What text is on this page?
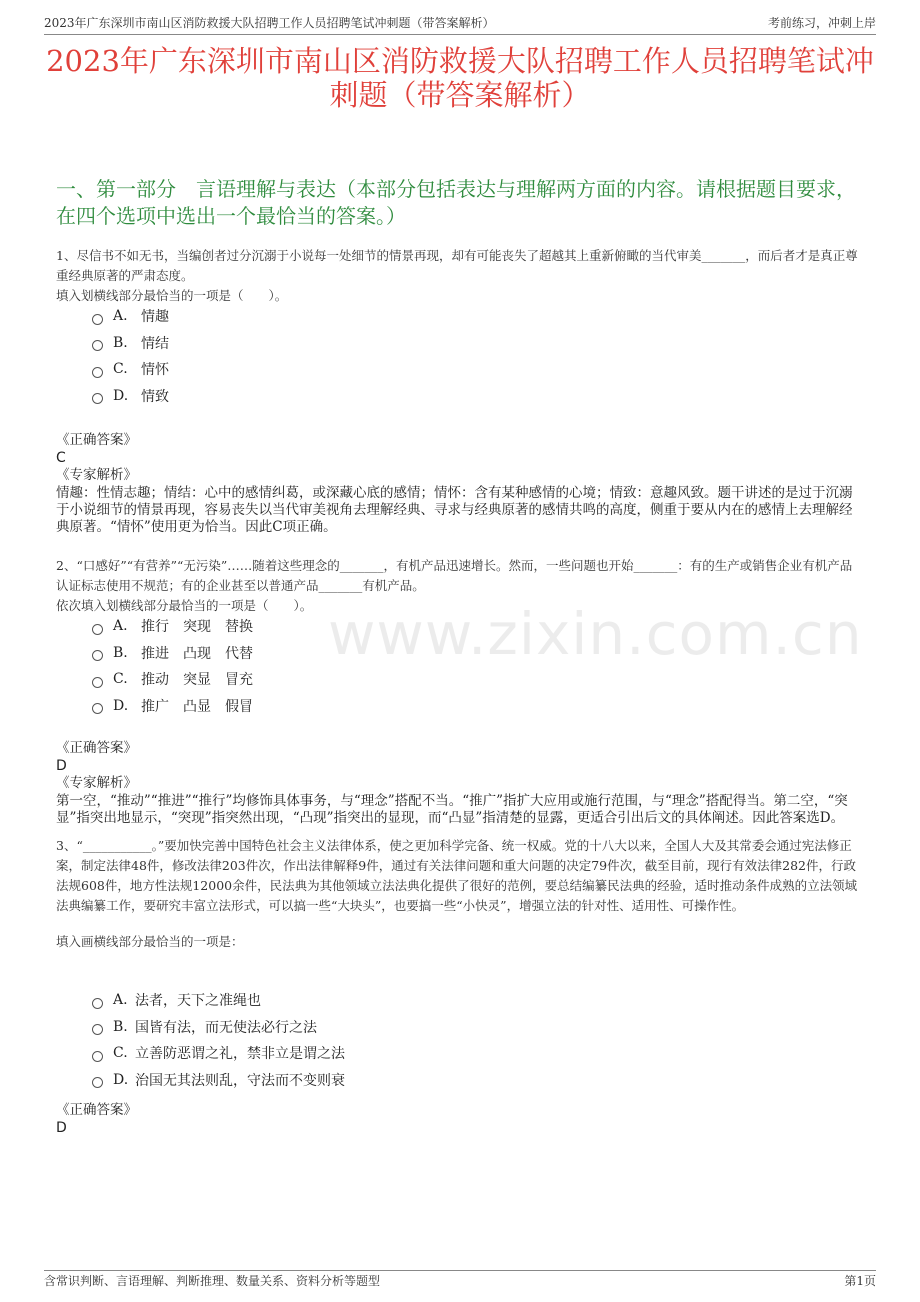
2023年广东深圳市南山区消防救援大队招聘工作人员招聘笔试冲刺题（带答案解析）	考前练习，冲刺上岸
2023年广东深圳市南山区消防救援大队招聘工作人员招聘笔试冲刺题（带答案解析）
一、第一部分　言语理解与表达（本部分包括表达与理解两方面的内容。请根据题目要求，在四个选项中选出一个最恰当的答案。）
www.zixin.com.cn
1、尽信书不如无书，当编创者过分沉溺于小说每一处细节的情景再现，却有可能丧失了超越其上重新俯瞰的当代审美_______，而后者才是真正尊重经典原著的严肃态度。
填入划横线部分最恰当的一项是（　　）。
A. 情趣
B. 情结
C. 情怀
D. 情致
《正确答案》
C
《专家解析》
情趣：性情志趣；情结：心中的感情纠葛，或深藏心底的感情；情怀：含有某种感情的心境；情致：意趣风致。题干讲述的是过于沉溺于小说细节的情景再现，容易丧失以当代审美视角去理解经典、寻求与经典原著的感情共鸣的高度，侧重于要从内在的感情上去理解经典原著。“情怀”使用更为恰当。因此C项正确。
2、“口感好”“有营养”“无污染”……随着这些理念的_______，有机产品迅速增长。然而，一些问题也开始_______：有的生产或销售企业有机产品认证标志使用不规范；有的企业甚至以普通产品_______有机产品。
依次填入划横线部分最恰当的一项是（　　）。
A. 推行　突现　替换
B. 推进　凸现　代替
C. 推动　突显　冒充
D. 推广　凸显　假冒
《正确答案》
D
《专家解析》
第一空，“推动”“推进”“推行”均修饰具体事务，与“理念”搭配不当。“推广”指扩大应用或施行范围，与“理念”搭配得当。第二空，“突显”指突出地显示，“突现”指突然出现，“凸现”指突出的显现，而“凸显”指清楚的显露，更适合引出后文的具体阐述。因此答案选D。
3、“___________。”要加快完善中国特色社会主义法律体系，使之更加科学完备、统一权威。党的十八大以来，全国人大及其常委会通过宪法修正案，制定法律48件，修改法律203件次，作出法律解释9件，通过有关法律问题和重大问题的决定79件次，截至目前，现行有效法律282件，行政法规608件，地方性法规12000余件，民法典为其他领域立法法典化提供了很好的范例，要总结编纂民法典的经验，适时推动条件成熟的立法领域法典编纂工作，要研究丰富立法形式，可以搞一些“大块头”，也要搞一些“小快灵”，增强立法的针对性、适用性、可操作性。
填入画横线部分最恰当的一项是：
A. 法者，天下之准绳也
B. 国皆有法，而无使法必行之法
C. 立善防恶谓之礼，禁非立是谓之法
D. 治国无其法则乱，守法而不变则衰
《正确答案》
D
含常识判断、言语理解、判断推理、数量关系、资料分析等题型	第1页
